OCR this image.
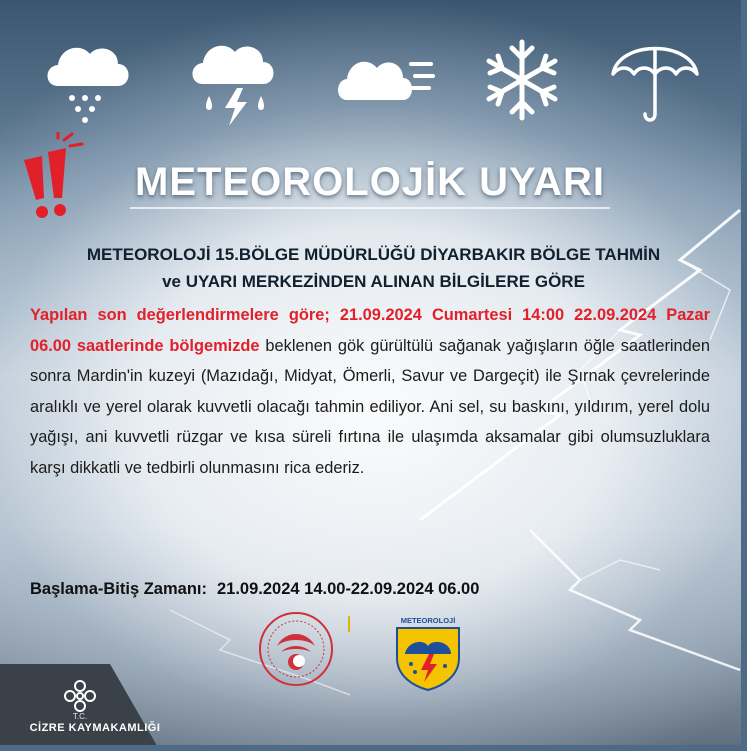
METEOROLOJİK UYARI

METEOROLOJİ 15.BÖLGE MÜDÜRLÜĞÜ DİYARBAKIR BÖLGE TAHMİN
ve UYARI MERKEZİNDEN ALINAN BİLGİLERE GÖRE

Yapılan son değerlendirmelere göre; 21.09.2024 Cumartesi 14:00 22.09.2024 Pazar 06.00 saatlerinde bölgemizde beklenen gök gürültülü sağanak yağışların öğle saatlerinden sonra Mardin'in kuzeyi (Mazıdağı, Midyat, Ömerli, Savur ve Dargeçit) ile Şırnak çevrelerinde aralıklı ve yerel olarak kuvvetli olacağı tahmin ediliyor. Ani sel, su baskını, yıldırım, yerel dolu yağışı, ani kuvvetli rüzgar ve kısa süreli fırtına ile ulaşımda aksamalar gibi olumsuzluklara karşı dikkatli ve tedbirli olunmasını rica ederiz.

Başlama-Bitiş Zamanı: 21.09.2024 14.00-22.09.2024 06.00

METEOROLOJİ
T.C.
CİZRE KAYMAKAMLIĞI
